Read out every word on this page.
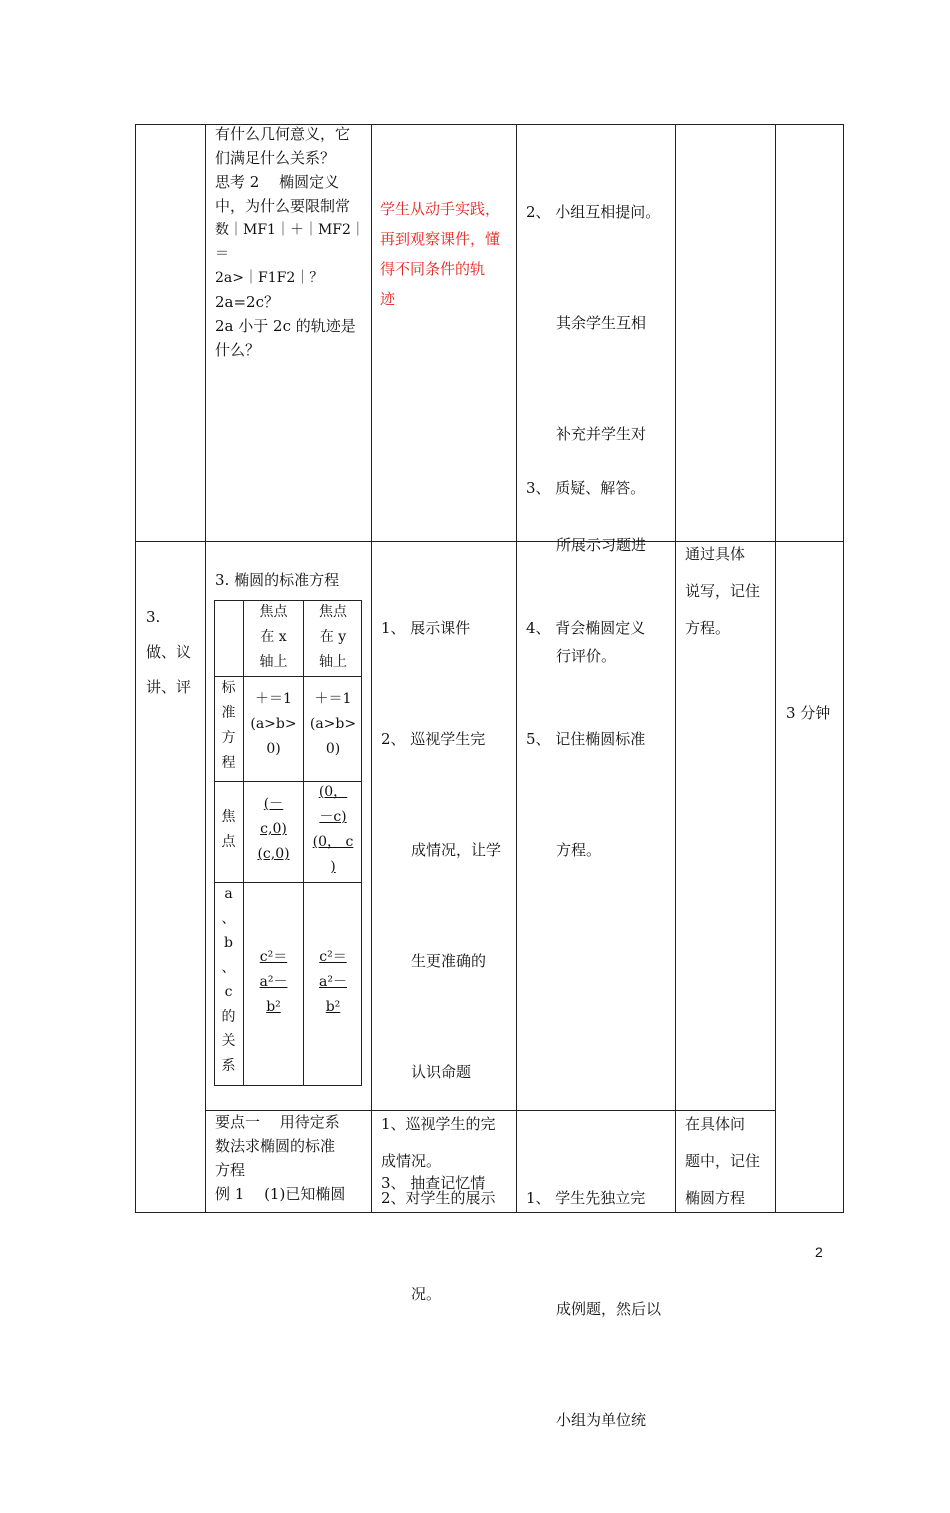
有什么几何意义，它
们满足什么关系？
思考 2　 椭圆定义
中，为什么要限制常
数｜MF1｜＋｜MF2｜＝
2a>｜F1F2｜？
2a=2c？
2a 小于 2c 的轨迹是
什么？
学生从动手实践，
再到观察课件，懂
得不同条件的轨
迹

2、 小组互相提问。

　　其余学生互相

　　补充并学生对

　　所展示习题进

　　行评价。

3、 质疑、解答。
3.
做、议
讲、评
3. 椭圆的标准方程
焦点
在 x
轴上
焦点
在 y
轴上
标
准
方
程
＋＝1
(a>b>
0)
＋＝1
(a>b>
0)
焦
点
(－
c,0)
(c,0)
(0，
－c)
(0， c
)
a
、
b
、
c
的
关
系
c²＝
a²－
b²
c²＝
a²－
b²

1、 展示课件

2、 巡视学生完

　　成情况，让学

　　生更准确的

　　认识命题

3、 抽查记忆情

　　况。

4、 背会椭圆定义

5、 记住椭圆标准

　　方程。

通过具体
说写，记住
方程。
3 分钟
要点一　 用待定系
数法求椭圆的标准
方程
例 1　 (1)已知椭圆
1、巡视学生的完
成情况。
2、对学生的展示

	1、 学生先独立完

　　成例题，然后以

　　小组为单位统

在具体问
题中，记住
椭圆方程
2
